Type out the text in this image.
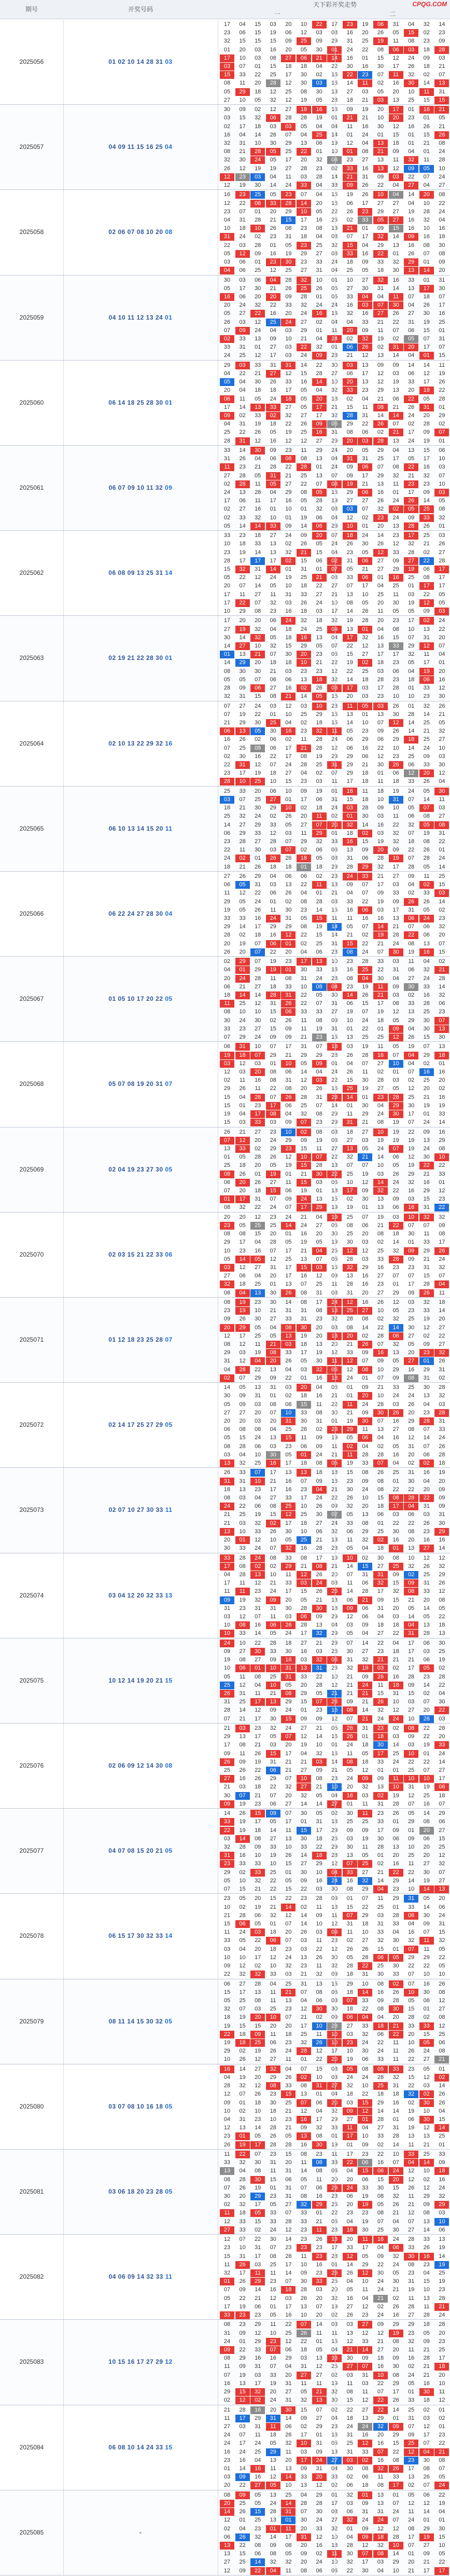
期号	开奖号码
天下彩开奖走势
一	二
CPQG.COM
2025056	01 02 10 14 28 31 03
17	04	15	03	20	10	22	23	19	06	31	04	32	14
23	06	15	19	06	12	03	16	20	26	05	15	02	23
32	15	15	15	09	25	09	31	25	19	11	08	23	09
01	20	03	16	20	05	30	24	22	08	06	03	18	28
17	10	03	08	27	06	21	16	01	15	12	24	09	03
03	07	01	15	18	18	04	30	16	30	17	26	18	21
15	33	22	25	17	30	02	22	23	07	11	32	02	07
08	11	20	28	12	30	03	14	11	02	16	30	14	13
05	29	18	12	25	08	30	27	03	05	20	10	11	31
27	10	05	32	12	19	05	18	21	03	13	25	15	15
2025057	04 09 11 15 16 25 04
30	09	02	12	27	18	16	09	19	20	17	01	16	21
03	15	32	06	28	28	19	21	21	10	20	23	01	05
02	17	18	03	03	05	04	11	16	30	12	16	26	21
16	04	14	26	07	04	25	01	24	01	15	01	15	26
32	31	10	30	29	13	06	12	04	13	18	01	21	08
08	21	28	05	25	22	01	01	08	21	09	04	01	24
32	30	24	05	17	20	32	23	27	13	11	32	11	28
26	12	19	19	27	28	23	33	16	13	12	09	05	10
12	23	03	04	11	03	28	21	31	09	03	22	07	24
12	19	30	14	24	33	04	09	26	22	04	27	04	27
2025058	02 06 07 08 10 20 08
16	23	25	05	23	07	04	19	26	10	04	14	20	08
12	22	08	33	28	14	20	06	17	27	27	04	10	22
23	07	01	20	29	10	05	26	23	29	27	19	28	24
04	31	28	21	15	17	16	02	33	05	27	16	32	04
10	18	10	26	08	23	08	21	01	09	15	16	10	16
31	24	02	23	31	18	04	07	17	32	14	09	16	18
22	03	28	01	05	23	25	15	04	29	13	16	08	30
05	12	09	16	19	29	27	33	16	22	01	26	07	08
03	06	01	23	30	23	33	18	09	33	32	29	01	09
04	06	25	12	25	27	31	25	05	18	30	13	14	20
2025059	04 10 11 12 13 24 01
30	03	06	04	28	32	10	10	27	32	16	33	01	31
05	17	30	21	26	25	26	27	30	31	14	13	17	30
16	06	20	20	09	28	01	33	04	04	11	07	18	07
20	24	32	22	33	32	24	16	03	07	30	04	26	17
05	27	22	16	20	24	16	32	16	27	26	27	30	16
26	03	12	25	24	27	02	04	33	21	22	31	19	25
07	09	24	04	03	29	01	20	09	11	07	06	15	01
02	33	13	09	10	21	04	02	32	19	02	05	07	31
33	31	01	27	03	22	32	06	26	02	31	20	17	07
24	25	12	17	03	24	09	21	12	13	14	04	01	15
2025060	06 14 18 25 28 30 01
29	03	33	31	31	14	22	03	13	09	09	14	14	11
04	22	21	27	12	15	28	06	17	12	03	06	12	19
05	04	30	26	33	16	14	20	13	12	19	33	17	26
20	04	18	18	17	05	04	33	23	29	13	20	19	22
06	11	05	24	18	05	20	02	04	21	06	22	05	28
17	14	13	33	27	05	17	15	11	08	21	26	31	01
09	02	33	02	32	27	17	28	31	14	14	24	20	29
04	31	19	18	22	26	09	29	22	26	07	02	28	02
25	22	26	05	19	25	16	08	06	02	21	17	09	07
28	31	12	16	12	12	27	20	03	28	13	24	19	01
2025061	06 07 09 10 11 32 09
33	14	30	09	23	11	29	20	05	29	04	13	15	06
31	26	04	06	08	08	13	31	31	25	17	05	17	10
11	23	21	28	22	28	01	09	06	07	08	22	16	03
27	28	05	31	21	25	13	09	17	29	32	21	32	07
02	28	11	05	27	22	07	19	21	13	11	23	23	10
24	13	28	04	29	08	05	29	06	16	01	17	09	03
17	06	11	17	16	05	28	27	27	26	24	26	14	05
02	27	16	01	10	01	32	03	07	32	02	05	25	08
02	33	32	10	01	19	06	12	02	23	24	09	33	32
05	14	14	33	09	14	06	10	01	20	13	28	26	01
2025062	06 08 09 13 25 31 14
33	23	18	27	24	09	20	18	24	14	23	17	25	03
10	18	33	13	02	26	05	26	30	26	12	32	21	26
23	19	14	13	32	21	15	23	05	12	33	28	02	27
28	17	17	17	02	15	06	31	06	27	09	27	22	28
15	32	31	14	01	31	01	05	21	27	29	19	06	17
05	22	12	24	19	25	21	33	06	01	16	25	08	17
20	07	14	05	10	18	22	07	17	04	25	01	17	17
17	11	27	11	31	33	27	13	10	25	11	03	22	05
17	22	07	32	03	26	24	08	05	20	30	19	12	05
10	29	08	23	16	18	03	14	26	11	05	05	09	03
2025063	02 19 21 22 28 30 01
17	20	20	06	24	32	18	19	28	20	23	17	02	24
27	19	32	04	18	24	25	13	01	04	08	10	13	22
30	14	32	05	18	16	13	17	32	16	15	07	31	20
14	27	10	32	15	29	05	22	12	13	33	29	12	07
01	13	21	07	30	20	23	15	27	17	17	32	11	04
14	29	20	18	18	10	21	19	02	18	23	05	17	01
08	30	30	21	03	23	23	22	25	03	06	04	19	20
05	05	07	06	06	13	18	14	18	28	23	18	06	16
28	09	06	27	16	02	26	17	03	17	28	01	33	12
32	31	15	08	21	14	05	20	03	23	10	10	23	30
2025064	02 10 13 22 29 32 16
07	27	24	03	12	03	10	11	05	03	26	01	32	26
07	19	22	01	10	25	29	13	01	13	30	28	14	21
21	29	30	25	04	02	18	14	10	07	12	14	25	05
06	13	05	30	16	23	32	05	23	09	26	14	21	32
16	26	02	06	02	11	28	06	29	06	29	18	25	27
07	25	09	06	17	21	28	06	16	22	10	14	24	10
02	30	16	22	17	08	19	29	06	12	23	25	09	03
22	31	12	07	24	28	25	29	21	30	26	06	33	30
23	17	19	18	27	04	02	29	18	01	06	12	20	12
28	10	25	10	15	23	03	17	18	11	18	33	26	04
2025065	06 10 13 14 15 20 11
25	33	20	06	10	09	19	16	11	18	19	24	05	30
03	07	25	27	01	17	06	15	18	10	31	07	14	11
18	21	30	29	10	02	18	03	28	09	10	05	07	03
25	32	24	02	26	20	11	01	30	03	11	06	08	27
14	27	29	33	05	27	07	32	14	16	22	32	05	08
06	29	33	12	03	11	29	18	02	03	32	07	19	31
23	28	27	28	07	29	32	16	15	19	32	18	08	22
22	11	30	03	07	02	06	13	09	20	09	22	26	01
24	02	01	26	26	18	05	31	06	28	19	07	28	24
18	21	26	18	18	01	18	28	29	32	17	28	05	14
2025066	06 22 24 27 28 30 04
27	26	29	04	06	06	02	24	33	21	27	09	11	25
06	05	31	03	13	22	11	09	07	17	03	04	02	15
11	12	22	06	26	04	01	04	07	09	33	02	33	03
29	05	24	01	02	08	28	33	22	19	09	26	26	14
19	05	26	11	30	23	14	16	06	03	17	31	05	02
33	33	16	24	31	05	15	11	16	16	13	06	24	23
29	14	17	29	29	08	19	05	07	14	21	07	06	32
28	02	18	16	12	22	15	21	02	19	28	22	06	20
20	19	07	06	01	02	25	15	22	21	24	08	13	07
26	20	07	22	20	04	06	08	24	07	30	19	16	15
2025067	01 05 10 17 20 22 05
02	29	07	19	23	17	13	23	28	33	03	11	04	02
04	01	29	19	01	30	33	16	25	22	31	06	32	21
20	24	28	11	08	31	24	08	04	30	04	27	24	28
06	21	27	18	33	10	08	23	19	11	09	30	33	14
18	14	14	28	31	22	05	14	26	21	03	02	16	32
11	25	12	31	26	22	07	06	15	17	08	33	28	06
08	10	10	15	06	33	33	19	07	19	12	13	25	23
30	24	30	02	26	11	08	10	24	18	05	29	30	07
33	23	27	15	09	11	19	01	22	01	09	04	30	13
07	29	24	09	09	21	23	13	25	25	12	26	15	30
2025068	05 07 08 19 20 31 07
06	31	10	07	17	31	07	03	19	11	05	19	07	13
19	18	07	29	21	29	29	26	28	16	07	04	29	18
03	12	03	01	10	05	09	04	07	27	10	04	02	01
12	03	20	08	06	14	04	26	11	02	01	07	16	16
02	11	16	08	31	12	03	15	30	28	03	02	25	20
29	26	11	22	08	20	26	25	19	27	05	12	20	02
15	04	28	07	26	28	31	14	01	23	28	25	21	16
15	01	23	17	06	25	07	01	30	04	29	30	19	19
19	04	17	08	04	32	08	11	29	24	30	17	01	33
15	03	33	03	09	07	23	31	21	08	19	07	24	14
2025069	02 04 19 23 27 30 05
26	21	27	23	10	02	08	18	27	10	19	22	09	16
07	12	20	24	29	09	19	27	03	19	19	19	13	29
13	33	02	29	23	15	11	13	05	24	07	19	24	08
01	05	28	26	12	10	07	32	21	14	06	12	30	10
25	18	20	05	19	15	28	07	07	10	05	19	22	22
08	26	01	19	01	21	30	25	19	03	26	29	21	33
06	20	26	27	11	15	03	10	12	14	24	32	16	01
07	20	18	15	06	19	01	17	09	32	22	16	29	12
01	17	31	07	09	24	13	02	30	13	09	03	15	23
08	32	22	24	07	17	29	19	01	13	06	16	31	22
2025070	02 03 15 21 22 33 06
20	20	12	23	24	21	04	25	07	19	03	10	32	32
23	05	25	25	14	24	27	08	06	21	22	07	07	09
08	08	15	20	01	16	20	25	20	08	18	30	11	08
29	17	04	28	05	19	05	30	03	02	14	01	33	17
10	23	16	07	17	21	04	12	12	25	32	09	29	26
05	14	05	12	25	13	07	28	03	33	28	09	21	24
03	12	27	31	17	15	03	32	29	16	23	23	31	32
27	06	04	20	17	16	12	13	16	27	07	07	15	07
32	18	25	01	13	07	25	28	16	23	01	17	28	04
08	04	13	30	26	08	31	31	20	27	29	09	26	11
2025071	01 12 18 23 25 28 07
08	19	23	30	14	08	17	12	16	26	12	03	32	18
23	19	10	21	31	31	08	25	27	10	05	23	33	14
09	26	30	27	33	31	23	28	08	02	32	25	19	20
20	29	05	04	08	30	20	08	14	22	14	30	12	27
12	17	25	05	13	19	20	20	02	28	06	27	02	22
08	12	11	21	03	18	13	21	26	07	32	05	09	27
29	03	19	08	33	17	19	33	09	16	13	20	23	32
31	12	04	20	26	05	30	12	07	09	05	27	01	26
04	28	22	13	04	03	32	12	08	10	29	16	29	31
02	07	29	09	22	01	16	24	01	07	09	08	31	02
2025072	02 14 17 25 27 29 05
14	05	13	31	03	20	04	01	09	21	33	25	30	28
30	09	31	01	02	18	16	01	20	10	24	24	13	32
05	09	03	08	08	15	11	11	24	28	03	26	04	03
27	27	20	07	10	33	08	21	09	30	26	20	23	28
20	20	03	20	31	30	31	19	30	07	16	29	28	31
06	08	08	04	25	26	02	29	11	13	27	08	07	33
05	15	24	13	15	11	09	05	06	04	16	12	14	24
08	28	06	03	23	06	09	02	04	02	05	31	07	26
03	04	10	30	05	01	24	11	28	28	16	20	06	28
13	32	25	16	17	18	08	19	33	07	04	02	02	18
2025073	02 07 10 27 30 33 11
26	33	07	17	13	13	18	15	08	26	25	31	16	19
31	31	10	21	16	07	09	23	09	08	01	30	04	20
18	13	23	17	16	23	04	30	24	08	22	22	20	09
08	03	04	27	33	17	24	26	10	15	08	28	22	09
24	22	06	08	25	10	26	32	20	18	17	04	31	09
21	25	19	15	12	25	30	05	13	06	03	06	03	31
21	03	32	02	17	18	27	33	08	01	22	22	26	30
13	10	33	26	30	10	06	06	29	25	30	08	23	29
20	01	12	10	05	25	21	11	32	02	16	20	16	16
30	33	24	07	32	16	28	05	04	18	01	13	27	14
2025074	03 04 12 20 32 33 13
33	28	24	08	33	08	17	10	02	30	08	10	12	12
17	08	02	02	29	21	08	14	15	27	25	32	26	32
04	28	13	10	11	12	26	07	31	31	09	02	25	29
17	11	12	21	33	03	24	11	06	32	15	09	31	26
11	11	23	24	17	15	26	14	28	17	32	08	33	12
09	19	32	09	20	05	21	06	21	09	15	21	20	08
31	23	31	31	30	28	30	09	06	31	20	05	14	05
03	12	07	11	03	06	09	12	06	04	03	14	05	22
10	08	16	06	26	28	13	03	09	18	18	04	13	18
10	33	14	05	24	17	32	05	04	27	22	31	28	13
2025075	10 12 14 19 20 21 15
24	10	22	28	18	27	21	07	14	22	04	17	06	30
09	27	30	33	30	16	03	30	27	23	18	17	03	25
19	08	27	09	16	03	32	31	32	21	21	21	06	19
10	06	01	10	31	13	31	32	19	03	02	17	05	02
05	11	08	25	31	33	22	21	09	26	16	28	23	28
25	12	04	10	05	20	28	21	24	11	18	09	14	22
26	31	11	21	08	29	05	21	21	15	31	15	02	04
31	25	17	13	29	15	07	09	21	26	10	03	07	30
28	14	12	09	24	01	23	08	14	32	12	27	20	22
07	21	17	30	15	09	09	07	21	24	24	10	28	03
2025076	02 06 09 12 14 30 08
21	03	23	32	24	27	21	28	31	23	02	08	22	28
29	13	17	05	07	12	14	26	01	18	03	09	22	20
17	08	21	03	20	19	10	24	18	30	14	03	19	33
09	11	26	15	17	04	32	11	05	17	25	10	01	24
26	09	19	31	21	21	03	08	18	33	24	22	22	14
25	26	22	06	21	27	09	05	12	01	01	25	07	27
27	16	26	29	07	10	08	24	09	09	11	10	10	17
21	03	18	22	32	27	21	20	32	13	10	31	19	06
30	07	21	07	20	32	05	16	03	02	19	12	25	18
09	19	23	06	27	14	14	01	11	31	28	07	16	07
2025077	04 07 08 15 20 21 05
14	26	15	09	07	30	05	30	11	23	26	05	14	29
33	19	17	05	17	01	31	25	25	33	01	29	08	06
22	19	18	14	11	15	17	09	09	17	09	01	20	27
03	14	08	27	13	30	18	03	19	30	06	09	06	15
32	28	09	33	10	33	22	30	11	28	13	10	20	25
31	16	10	19	26	14	18	13	05	01	20	25	20	12
23	33	33	10	15	27	29	07	25	02	16	11	27	32
29	02	33	25	01	30	10	33	27	21	22	22	30	07
05	10	32	22	05	09	16	16	32	14	29	14	19	27
07	15	21	22	15	22	03	08	29	04	23	10	14	13
2025078	06 15 17 30 32 33 14
23	05	20	15	22	23	28	01	07	11	29	31	05	20
10	02	19	21	14	02	11	15	22	25	01	33	14	06
21	28	06	32	12	14	09	07	29	03	28	06	30	24
15	06	05	01	07	14	10	31	18	31	33	04	09	31
11	24	03	18	20	26	03	11	10	33	04	16	07	15
33	05	22	06	07	03	11	02	27	32	30	32	11	32
03	04	20	18	23	03	22	26	26	15	01	07	11	05
10	10	17	12	24	13	26	05	28	06	05	29	29	22
09	12	02	10	32	23	11	28	22	25	30	22	22	05
22	32	32	33	03	21	32	18	31	30	33	07	10	10
2025079	08 11 14 15 30 32 05
06	27	28	04	25	31	13	29	10	08	02	07	16	26
15	17	13	11	21	07	08	18	14	16	26	10	30	08
05	25	08	11	13	04	06	07	33	09	28	05	06	12
32	07	03	25	23	12	30	18	22	08	30	15	01	27
18	19	20	10	07	21	02	06	04	04	20	28	02	08
19	15	15	20	20	17	10	27	33	18	21	33	33	12
22	18	09	11	18	25	11	03	32	06	22	20	15	25
19	18	25	06	23	32	26	23	24	22	11	10	05	06
29	02	19	26	24	28	12	10	30	24	11	26	24	08
10	26	12	27	11	01	22	19	06	33	11	22	27	21
2025080	03 07 08 10 16 18 05
16	14	27	32	04	07	15	05	08	05	33	23	05	01
04	19	20	29	26	02	10	24	24	28	32	15	12	02
28	32	12	08	33	08	31	32	10	25	31	22	03	14
12	07	26	23	15	13	01	18	22	18	18	32	02	26
09	01	18	30	25	07	06	03	15	29	16	02	30	26
10	02	10	18	21	12	04	09	12	14	14	19	10	04
04	31	23	10	23	16	17	27	01	28	01	06	30	15
12	13	14	28	21	09	32	11	04	27	31	19	12	14
23	01	05	26	05	13	08	17	10	33	28	13	13	25
26	19	17	28	28	16	30	01	09	02	14	11	21	01
2025081	03 06 18 20 23 28 05
11	22	07	23	15	08	23	17	23	22	10	33	25	33
33	32	30	31	20	11	08	22	06	16	07	04	14	09
13	04	08	11	31	14	08	04	15	06	24	12	10	18
08	28	30	15	06	05	11	20	06	15	20	12	02	16
07	26	19	01	31	07	06	24	33	30	15	26	12	24
30	20	29	23	31	08	16	06	19	08	32	11	29	32
02	32	17	05	27	32	29	20	19	05	26	21	09	29
11	18	05	33	07	33	01	23	23	08	21	12	08	03
12	33	15	33	28	33	21	04	19	07	04	07	13	10
27	33	02	24	12	23	11	18	30	25	30	27	14	06
2025082	04 06 09 14 32 33 11
12	07	22	30	14	23	26	20	11	16	24	28	33	13
23	10	31	07	23	23	23	33	17	04	06	33	26	19
15	31	17	08	28	11	23	12	05	09	32	30	16	14
11	26	03	25	17	10	16	14	29	22	24	08	23	19
32	17	11	11	14	09	23	26	12	30	05	23	04	25
01	26	29	23	07	30	33	04	10	24	30	31	15	19
07	09	14	16	18	28	03	05	11	24	21	19	10	23
05	22	21	12	03	26	20	16	04	21	02	11	13	28
17	19	06	01	17	13	07	27	12	02	26	28	11	21
33	23	23	05	16	10	20	26	23	24	16	27	28	24
2025083	10 15 16 17 27 29 12
08	23	29	11	22	07	14	03	27	09	29	29	18	28
31	09	12	10	25	26	11	13	12	12	19	23	05	20
24	01	29	23	12	22	01	12	33	21	08	32	09	23
09	22	33	07	06	18	05	21	14	27	20	11	21	25
08	29	16	16	29	03	13	30	09	18	09	16	28	17
11	09	31	07	04	31	12	27	07	16	30	02	21	18
07	19	03	33	20	27	27	03	31	10	08	24	21	20
16	13	17	19	31	11	11	11	03	22	29	05	16	10
29	15	32	20	27	05	21	08	11	07	17	01	30	11
02	12	02	24	31	32	13	15	12	22	26	33	18	12
2025084	06 08 10 14 24 33 15
21	28	16	20	30	15	07	22	27	22	14	25	02	01
11	17	29	31	14	09	27	18	13	29	01	31	03	02
27	03	31	11	06	02	29	24	24	32	09	07	12	01
24	07	11	18	26	17	01	31	16	20	29	09	17	23
24	17	24	05	32	10	31	25	12	16	15	25	07	22
16	24	25	29	11	03	09	31	33	07	22	12	04	21
23	16	04	13	20	17	24	03	02	16	08	23	30	08
01	14	16	11	13	09	31	30	08	32	26	17	08	07
03	09	16	12	14	33	20	02	06	11	33	13	26	05
20	22	27	05	10	13	12	06	18	08	17	02	07	24
2025085	-
08	09	05	13	25	04	29	32	01	13	01	05	06	22
20	25	05	24	14	28	28	03	09	13	07	12	12	19
14	26	15	28	31	07	30	06	31	31	24	11	14	04
12	01	25	13	01	30	24	32	24	24	07	24	01	01
02	04	23	01	11	20	33	01	09	12	12	08	29	30
06	26	32	14	17	31	12	04	09	18	28	17	19	15
13	22	08	09	08	20	16	28	12	32	10	07	27	10
13	15	06	08	05	09	02	30	07	08	14	01	09	05
27	25	14	32	32	20	24	32	17	03	29	20	21	22
12	09	22	04	11	08	06	22	30	04	10	21	17	17
